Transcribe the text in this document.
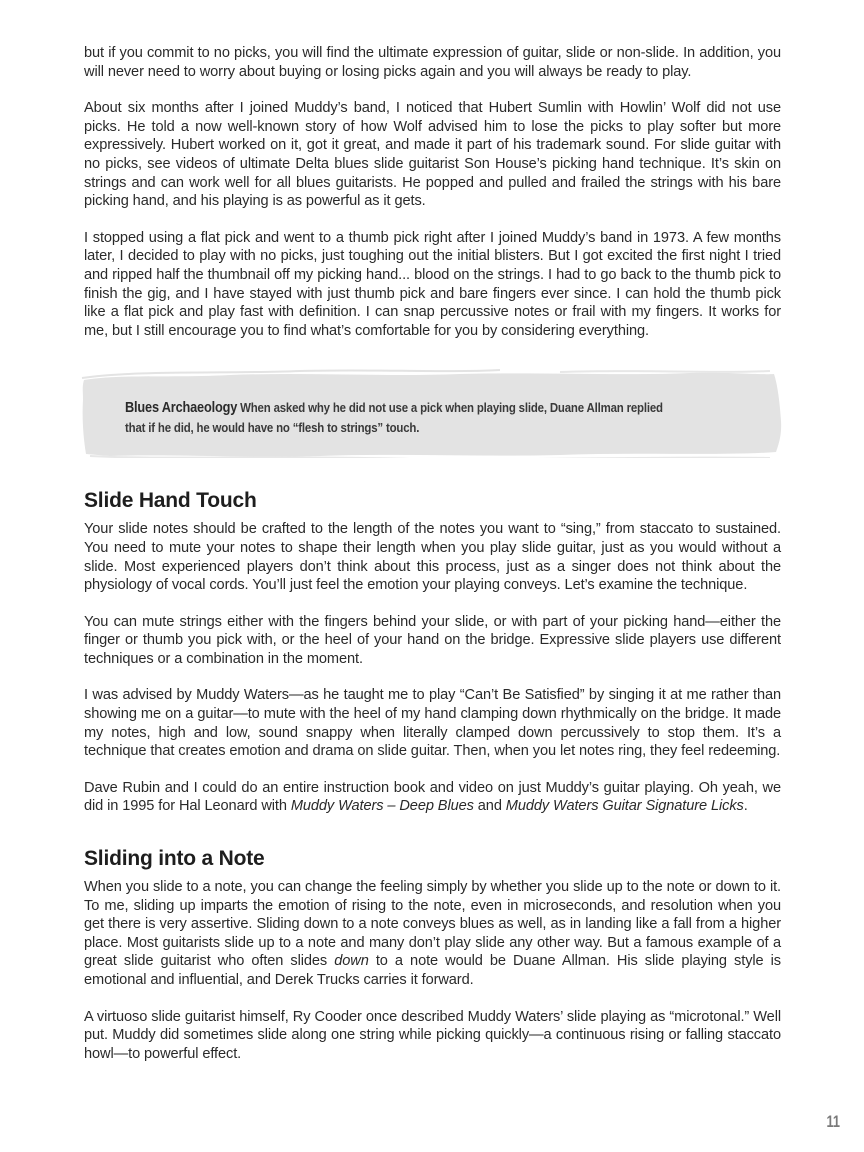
but if you commit to no picks, you will find the ultimate expression of guitar, slide or non-slide. In addition, you will never need to worry about buying or losing picks again and you will always be ready to play.

About six months after I joined Muddy’s band, I noticed that Hubert Sumlin with Howlin’ Wolf did not use picks. He told a now well-known story of how Wolf advised him to lose the picks to play softer but more expressively. Hubert worked on it, got it great, and made it part of his trademark sound. For slide guitar with no picks, see videos of ultimate Delta blues slide guitarist Son House’s picking hand technique. It’s skin on strings and can work well for all blues guitarists. He popped and pulled and frailed the strings with his bare picking hand, and his playing is as powerful as it gets.

I stopped using a flat pick and went to a thumb pick right after I joined Muddy’s band in 1973. A few months later, I decided to play with no picks, just toughing out the initial blisters. But I got excited the first night I tried and ripped half the thumbnail off my picking hand... blood on the strings. I had to go back to the thumb pick to finish the gig, and I have stayed with just thumb pick and bare fingers ever since. I can hold the thumb pick like a flat pick and play fast with definition. I can snap percussive notes or frail with my fingers. It works for me, but I still encourage you to find what’s comfortable for you by considering everything.

Blues Archaeology When asked why he did not use a pick when playing slide, Duane Allman replied that if he did, he would have no “flesh to strings” touch.
Slide Hand Touch

Your slide notes should be crafted to the length of the notes you want to “sing,” from staccato to sustained. You need to mute your notes to shape their length when you play slide guitar, just as you would without a slide. Most experienced players don’t think about this process, just as a singer does not think about the physiology of vocal cords. You’ll just feel the emotion your playing conveys. Let’s examine the technique.

You can mute strings either with the fingers behind your slide, or with part of your picking hand—either the finger or thumb you pick with, or the heel of your hand on the bridge. Expressive slide players use different techniques or a combination in the moment.

I was advised by Muddy Waters—as he taught me to play “Can’t Be Satisfied” by singing it at me rather than showing me on a guitar—to mute with the heel of my hand clamping down rhythmically on the bridge. It made my notes, high and low, sound snappy when literally clamped down percussively to stop them. It’s a technique that creates emotion and drama on slide guitar. Then, when you let notes ring, they feel redeeming.

Dave Rubin and I could do an entire instruction book and video on just Muddy’s guitar playing. Oh yeah, we did in 1995 for Hal Leonard with Muddy Waters – Deep Blues and Muddy Waters Guitar Signature Licks.

Sliding into a Note

When you slide to a note, you can change the feeling simply by whether you slide up to the note or down to it. To me, sliding up imparts the emotion of rising to the note, even in microseconds, and resolution when you get there is very assertive. Sliding down to a note conveys blues as well, as in landing like a fall from a higher place. Most guitarists slide up to a note and many don’t play slide any other way. But a famous example of a great slide guitarist who often slides down to a note would be Duane Allman. His slide playing style is emotional and influential, and Derek Trucks carries it forward.

A virtuoso slide guitarist himself, Ry Cooder once described Muddy Waters’ slide playing as “microtonal.” Well put. Muddy did sometimes slide along one string while picking quickly—a continuous rising or falling staccato howl—to powerful effect.

11
